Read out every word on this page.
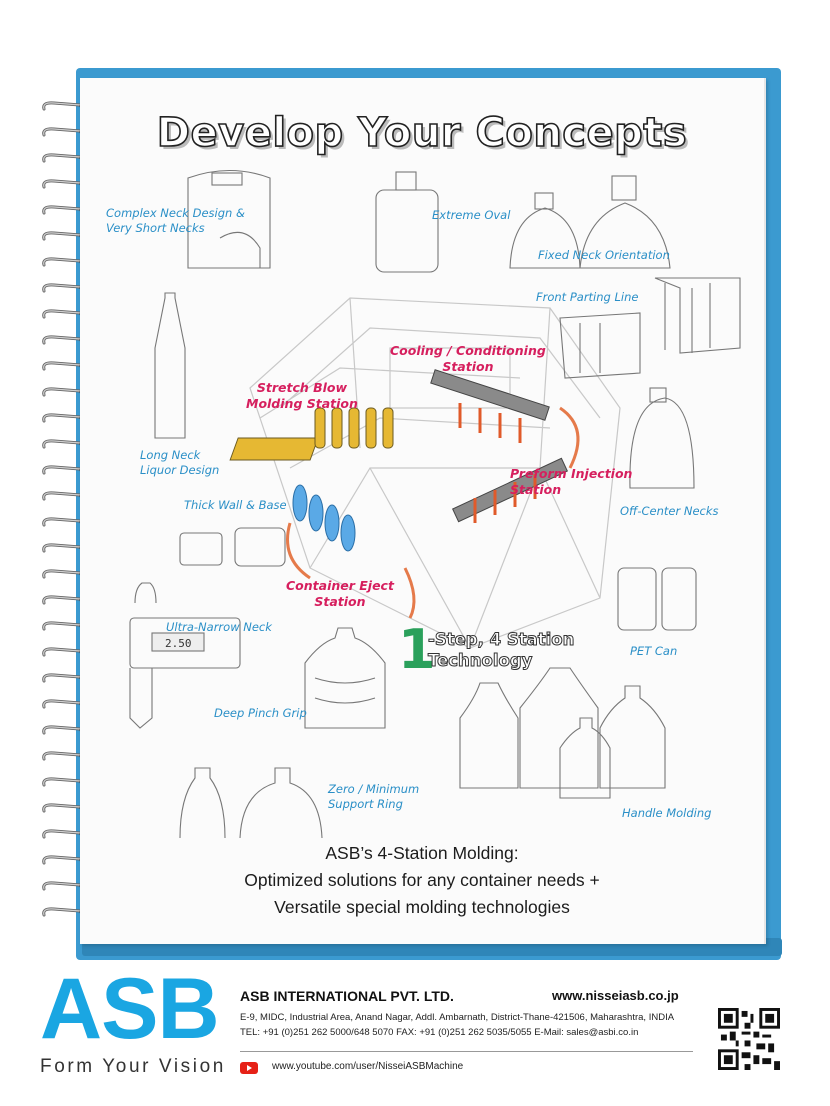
Develop Your Concepts
2.50
Complex Neck Design &
Very Short Necks
Extreme Oval
Fixed Neck Orientation
Front Parting Line
Long Neck
Liquor Design
Thick Wall & Base	Off-Center Necks
Ultra-Narrow Neck
PET Can
Deep Pinch Grip
Zero / Minimum
Support Ring
Handle Molding
Cooling / Conditioning
Station
Stretch Blow
Molding Station
Preform Injection
Station
Container Eject
Station
1
-Step, 4 Station
Technology
ASB’s 4-Station Molding:
Optimized solutions for any container needs +
Versatile special molding technologies
ASB
Form Your Vision
ASB INTERNATIONAL PVT. LTD.	www.nisseiasb.co.jp
E-9, MIDC, Industrial Area, Anand Nagar, Addl. Ambarnath, District-Thane-421506, Maharashtra, INDIA
TEL: +91 (0)251 262 5000/648 5070 FAX: +91 (0)251 262 5035/5055 E-Mail: sales@asbi.co.in
www.youtube.com/user/NisseiASBMachine
